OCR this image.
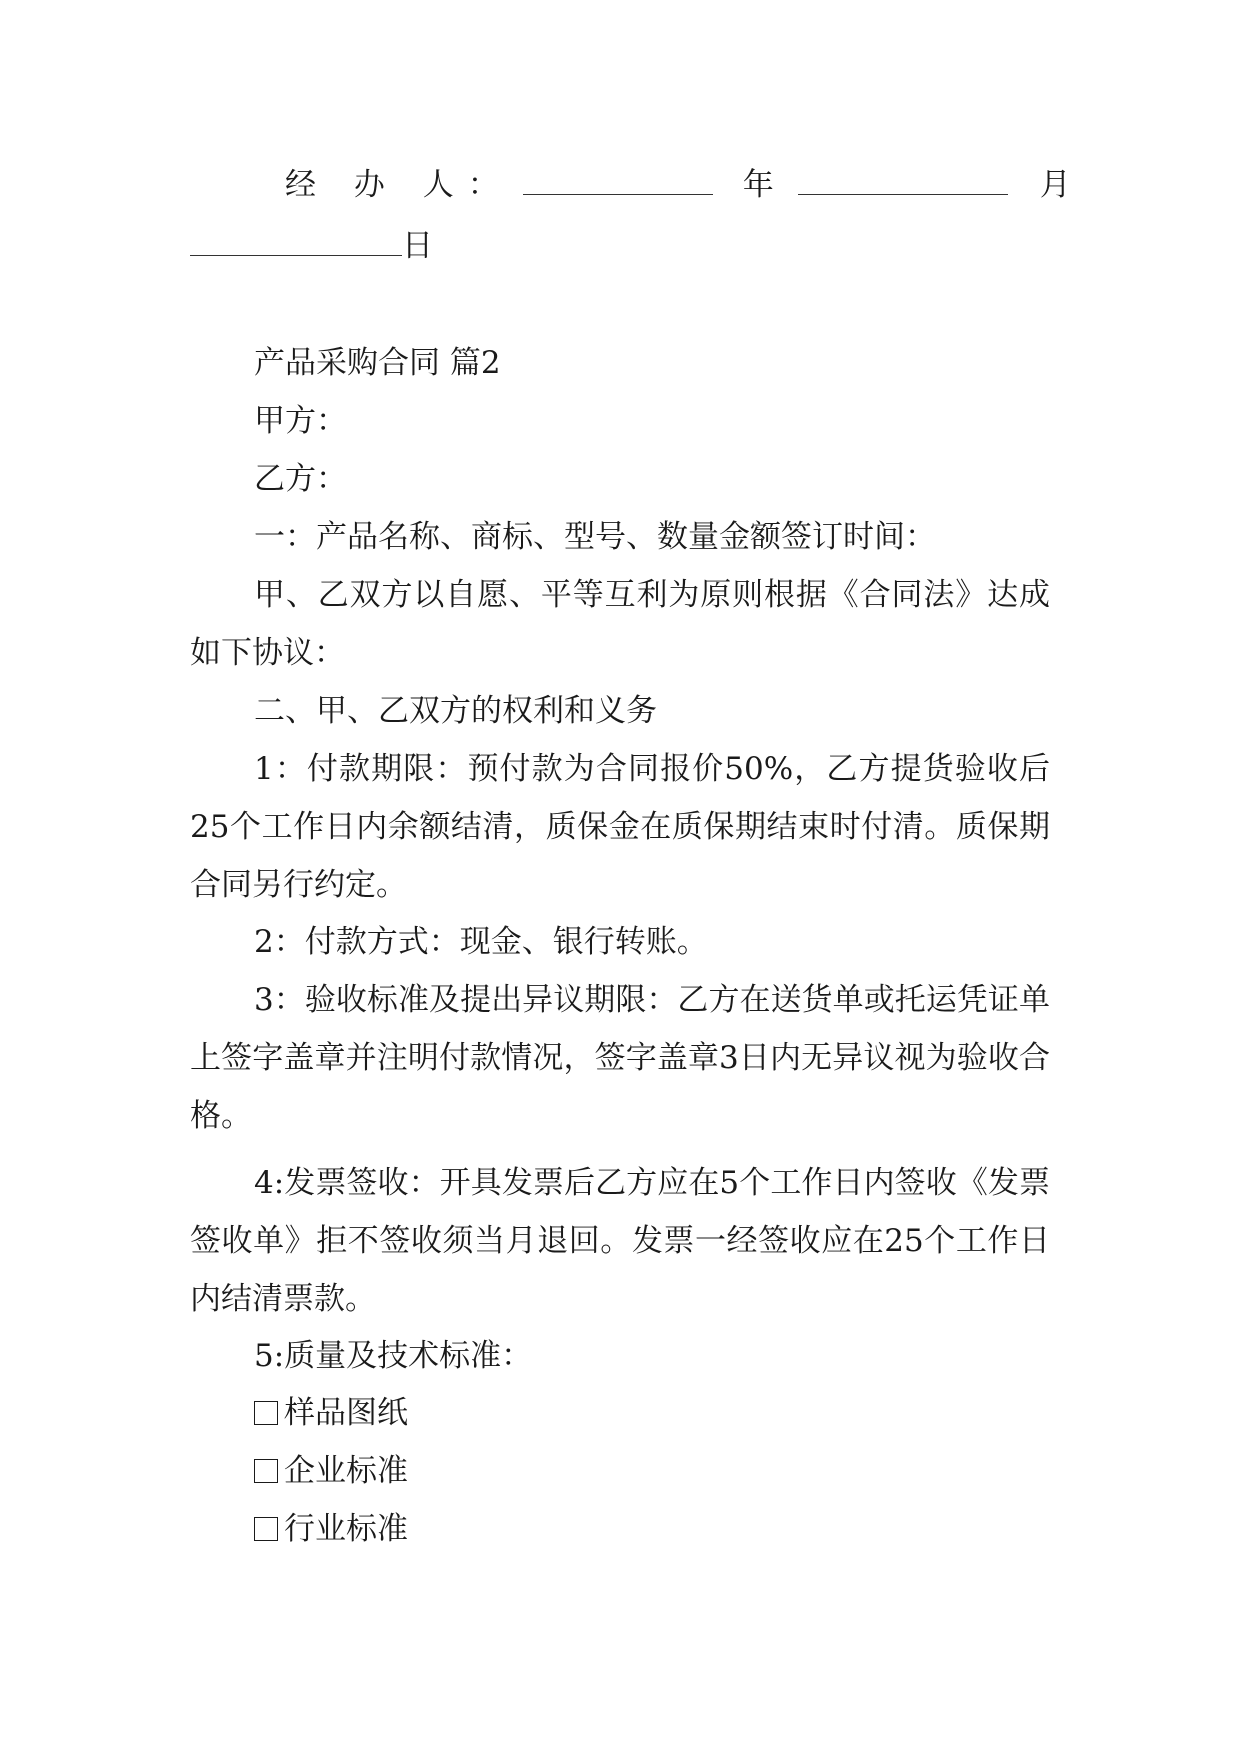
经 办 人：	年	月
日
产品采购合同 篇2
甲方：
乙方：
一：产品名称、商标、型号、数量金额签订时间：
甲、乙双方以自愿、平等互利为原则根据《合同法》达成如下协议：
二、甲、乙双方的权利和义务
1：付款期限：预付款为合同报价50%，乙方提货验收后25个工作日内余额结清，质保金在质保期结束时付清。质保期合同另行约定。
2：付款方式：现金、银行转账。
3：验收标准及提出异议期限：乙方在送货单或托运凭证单上签字盖章并注明付款情况，签字盖章3日内无异议视为验收合格。
4:发票签收：开具发票后乙方应在5个工作日内签收《发票签收单》拒不签收须当月退回。发票一经签收应在25个工作日内结清票款。
5:质量及技术标准：
样品图纸
企业标准
行业标准
